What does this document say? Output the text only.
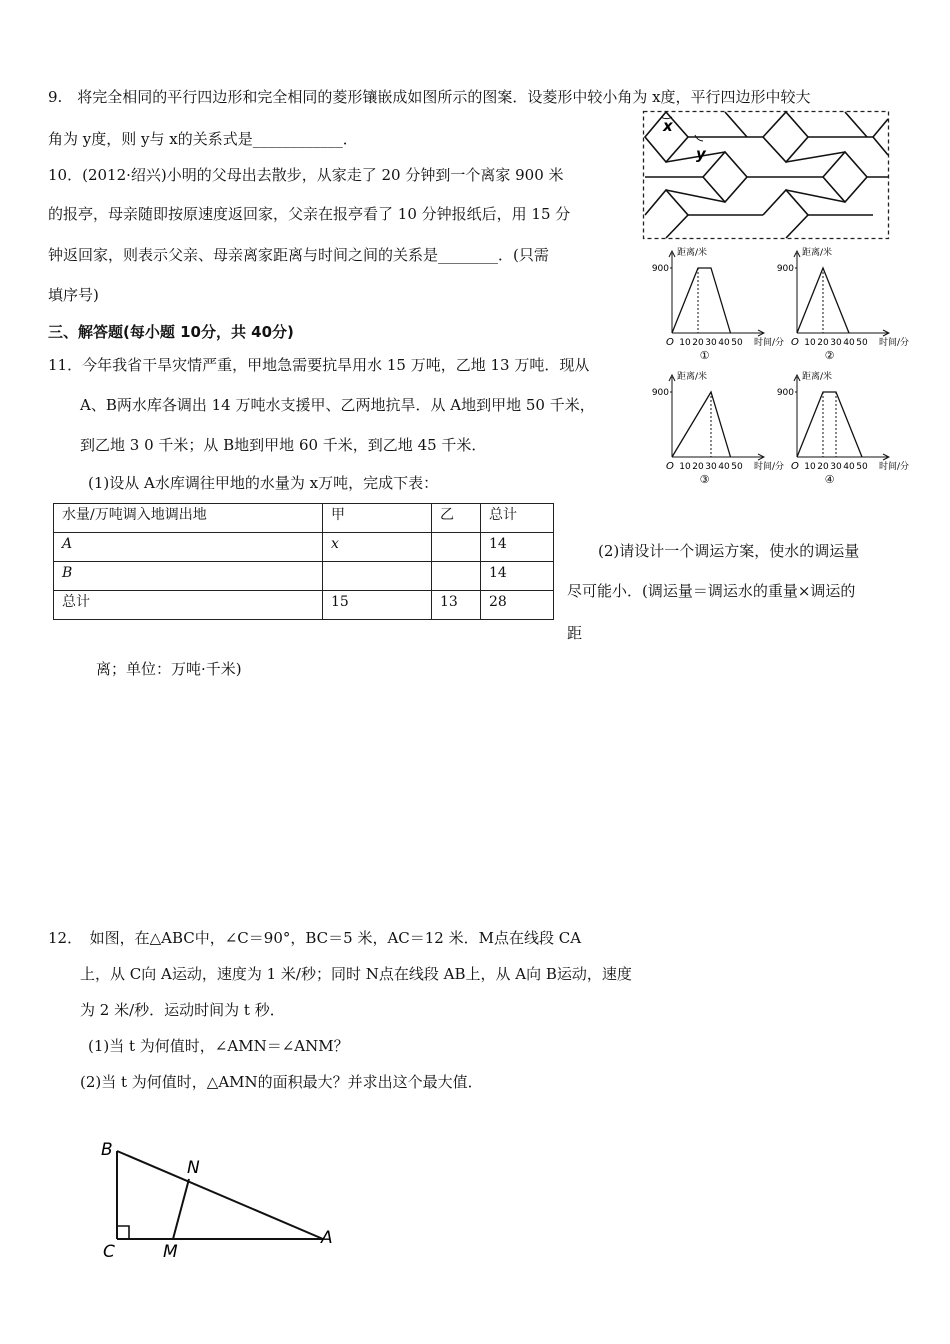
9.　将完全相同的平行四边形和完全相同的菱形镶嵌成如图所示的图案．设菱形中较小角为 x度，平行四边形中较大
角为 y度，则 y与 x的关系式是____________．
x
y
10．(2012·绍兴)小明的父母出去散步，从家走了 20 分钟到一个离家 900 米
的报亭，母亲随即按原速度返回家，父亲在报亭看了 10 分钟报纸后，用 15 分
钟返回家，则表示父亲、母亲离家距离与时间之间的关系是________．(只需
填序号)
距离/米
时间/分
900
O 10 20 30 40 50
①
距离/米
时间/分
900
O 10 20 30 40 50
②
距离/米
时间/分
900
O 10 20 30 40 50
③
距离/米
时间/分
900
O 10 20 30 40 50
④
三、解答题(每小题 10分，共 40分)
11．今年我省干旱灾情严重，甲地急需要抗旱用水 15 万吨，乙地 13 万吨．现从
A、B两水库各调出 14 万吨水支援甲、乙两地抗旱．从 A地到甲地 50 千米，
到乙地 3 0 千米；从 B地到甲地 60 千米，到乙地 45 千米．
(1)设从 A水库调往甲地的水量为 x万吨，完成下表：
水量/万吨调入地调出地	甲	乙	总计
A	x		14
B			14
总计	15	13	28
(2)请设计一个调运方案，使水的调运量
尽可能小．(调运量＝调运水的重量×调运的
距
离；单位：万吨·千米)
12．　如图，在△ABC中，∠C＝90°，BC＝5 米，AC＝12 米．M点在线段 CA
上，从 C向 A运动，速度为 1 米/秒；同时 N点在线段 AB上，从 A向 B运动，速度
为 2 米/秒．运动时间为 t 秒．
(1)当 t 为何值时，∠AMN＝∠ANM？
(2)当 t 为何值时，△AMN的面积最大？并求出这个最大值．
B
N
C	M
A
